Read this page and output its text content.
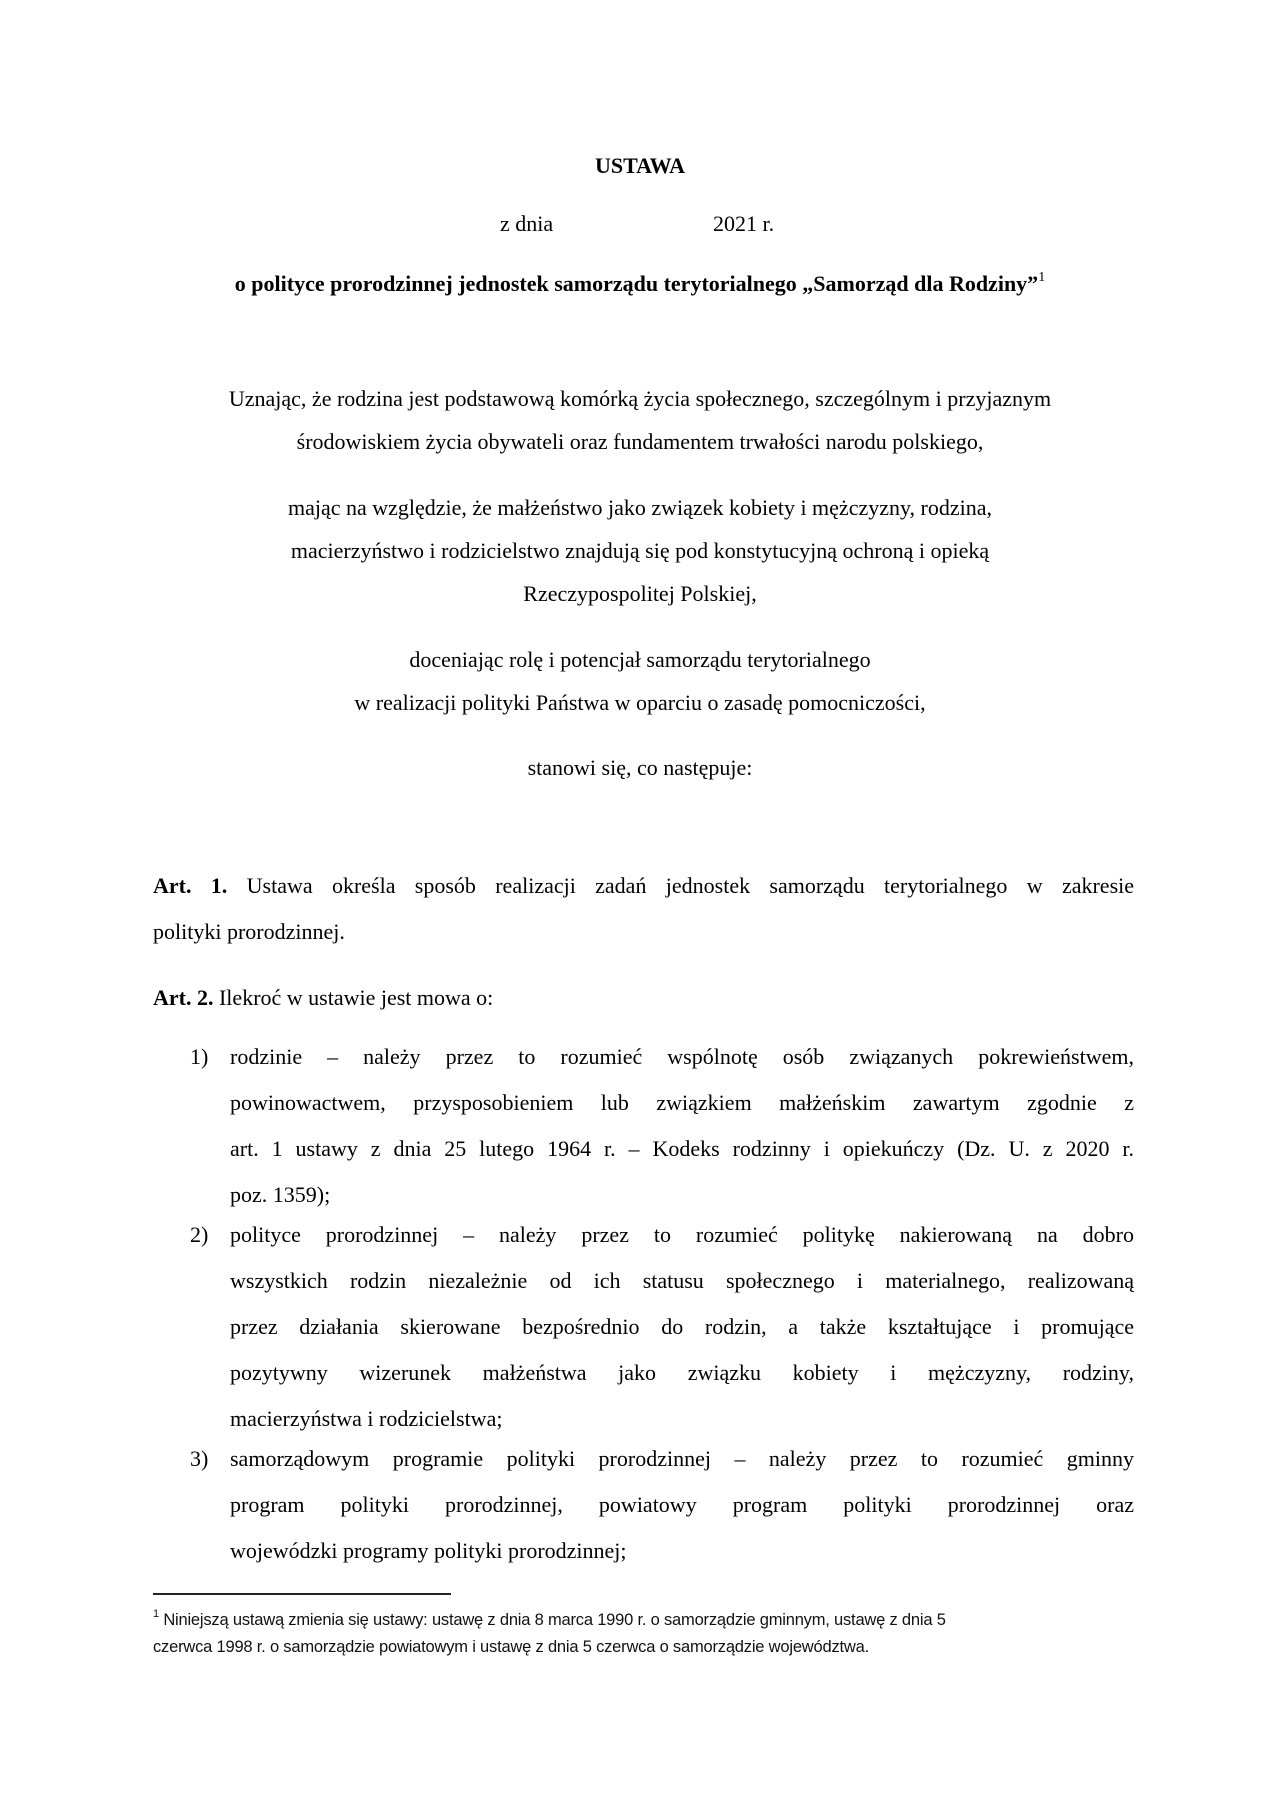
USTAWA
z dnia	2021 r.
o polityce prorodzinnej jednostek samorządu terytorialnego „Samorząd dla Rodziny”$^1$
Uznając, że rodzina jest podstawową komórką życia społecznego, szczególnym i przyjaznym
środowiskiem życia obywateli oraz fundamentem trwałości narodu polskiego,
mając na względzie, że małżeństwo jako związek kobiety i mężczyzny, rodzina,
macierzyństwo i rodzicielstwo znajdują się pod konstytucyjną ochroną i opieką
Rzeczypospolitej Polskiej,
doceniając rolę i potencjał samorządu terytorialnego
w realizacji polityki Państwa w oparciu o zasadę pomocniczości,
stanowi się, co następuje:
Art. 1. Ustawa określa sposób realizacji zadań jednostek samorządu terytorialnego w zakresie
polityki prorodzinnej.
Art. 2. Ilekroć w ustawie jest mowa o:
1) rodzinie – należy przez to rozumieć wspólnotę osób związanych pokrewieństwem,
powinowactwem, przysposobieniem lub związkiem małżeńskim zawartym zgodnie z
art. 1 ustawy z dnia 25 lutego 1964 r. – Kodeks rodzinny i opiekuńczy (Dz. U. z 2020 r.
poz. 1359);
2) polityce prorodzinnej – należy przez to rozumieć politykę nakierowaną na dobro
wszystkich rodzin niezależnie od ich statusu społecznego i materialnego, realizowaną
przez działania skierowane bezpośrednio do rodzin, a także kształtujące i promujące
pozytywny wizerunek małżeństwa jako związku kobiety i mężczyzny, rodziny,
macierzyństwa i rodzicielstwa;
3) samorządowym programie polityki prorodzinnej – należy przez to rozumieć gminny
program polityki prorodzinnej, powiatowy program polityki prorodzinnej oraz
wojewódzki programy polityki prorodzinnej;
$^1$ Niniejszą ustawą zmienia się ustawy: ustawę z dnia 8 marca 1990 r. o samorządzie gminnym, ustawę z dnia 5
czerwca 1998 r. o samorządzie powiatowym i ustawę z dnia 5 czerwca o samorządzie województwa.
